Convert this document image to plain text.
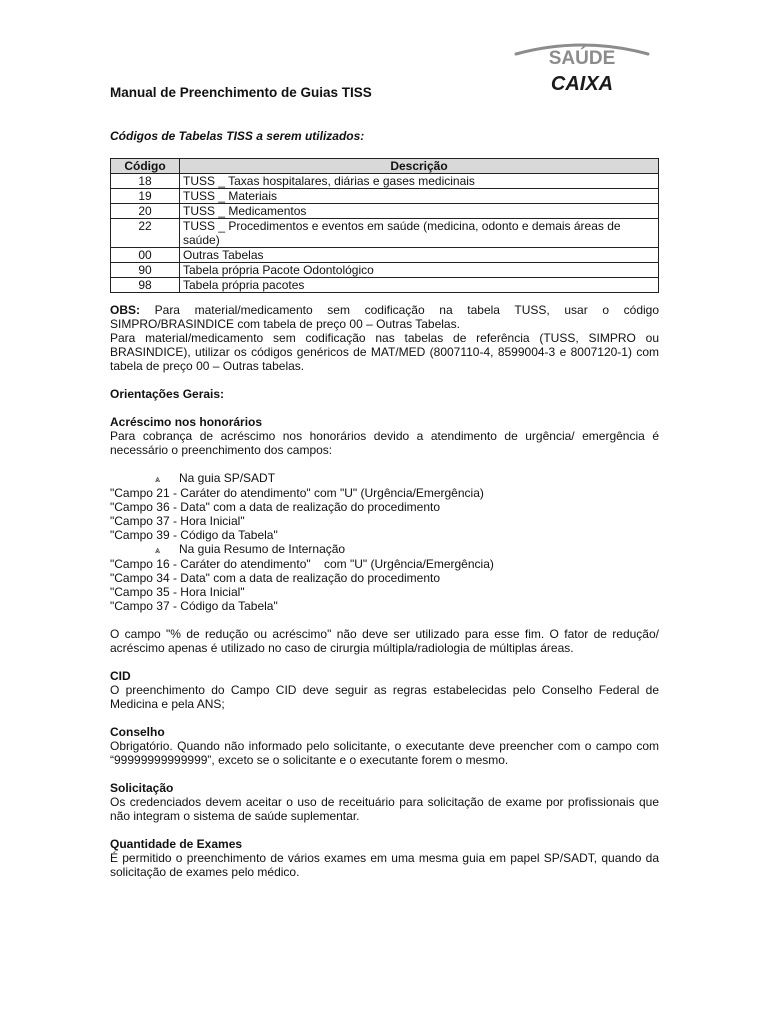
SAÚDE
CAIXA
Manual de Preenchimento de Guias TISS
Códigos de Tabelas TISS a serem utilizados:
Código	Descrição
18	TUSS _ Taxas hospitalares, diárias e gases medicinais
19	TUSS _ Materiais
20	TUSS _ Medicamentos
22	TUSS _ Procedimentos e eventos em saúde (medicina, odonto e demais áreas de saúde)
00	Outras Tabelas
90	Tabela própria Pacote Odontológico
98	Tabela própria pacotes

OBS: Para material/medicamento sem codificação na tabela TUSS, usar o código SIMPRO/BRASINDICE com tabela de preço 00 – Outras Tabelas.

Para material/medicamento sem codificação nas tabelas de referência (TUSS, SIMPRO ou BRASINDICE), utilizar os códigos genéricos de MAT/MED (8007110-4, 8599004-3 e 8007120-1) com tabela de preço 00 – Outras tabelas.

Orientações Gerais:

Acréscimo nos honorários

Para cobrança de acréscimo nos honorários devido a atendimento de urgência/ emergência é necessário o preenchimento dos campos:

⩓ Na guia SP/SADT

"Campo 21 - Caráter do atendimento" com "U" (Urgência/Emergência)

"Campo 36 - Data" com a data de realização do procedimento

"Campo 37 - Hora Inicial"

"Campo 39 - Código da Tabela"

⩓ Na guia Resumo de Internação

"Campo 16 - Caráter do atendimento"    com "U" (Urgência/Emergência)

"Campo 34 - Data" com a data de realização do procedimento

"Campo 35 - Hora Inicial"

"Campo 37 - Código da Tabela"

O campo "% de redução ou acréscimo" não deve ser utilizado para esse fim. O fator de redução/ acréscimo apenas é utilizado no caso de cirurgia múltipla/radiologia de múltiplas áreas.

CID

O preenchimento do Campo CID deve seguir as regras estabelecidas pelo Conselho Federal de Medicina e pela ANS;

Conselho

Obrigatório. Quando não informado pelo solicitante, o executante deve preencher com o campo com “99999999999999”, exceto se o solicitante e o executante forem o mesmo.

Solicitação

Os credenciados devem aceitar o uso de receituário para solicitação de exame por profissionais que não integram o sistema de saúde suplementar.

Quantidade de Exames

É permitido o preenchimento de vários exames em uma mesma guia em papel SP/SADT, quando da solicitação de exames pelo médico.
